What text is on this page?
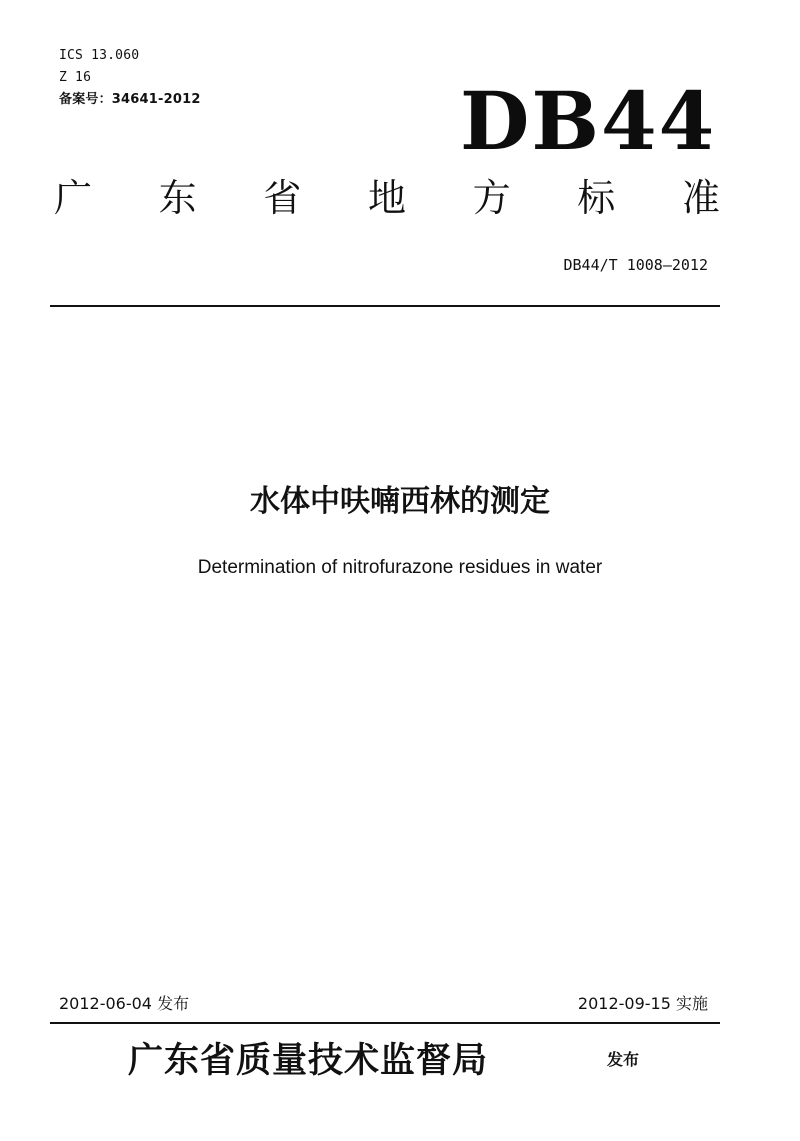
ICS 13.060
Z 16
备案号：34641-2012	DB44
广 东 省 地 方 标 准
DB44/T 1008—2012
水体中呋喃西林的测定
Determination of nitrofurazone residues in water
2012-06-04 发布	2012-09-15 实施
广东省质量技术监督局	发布
